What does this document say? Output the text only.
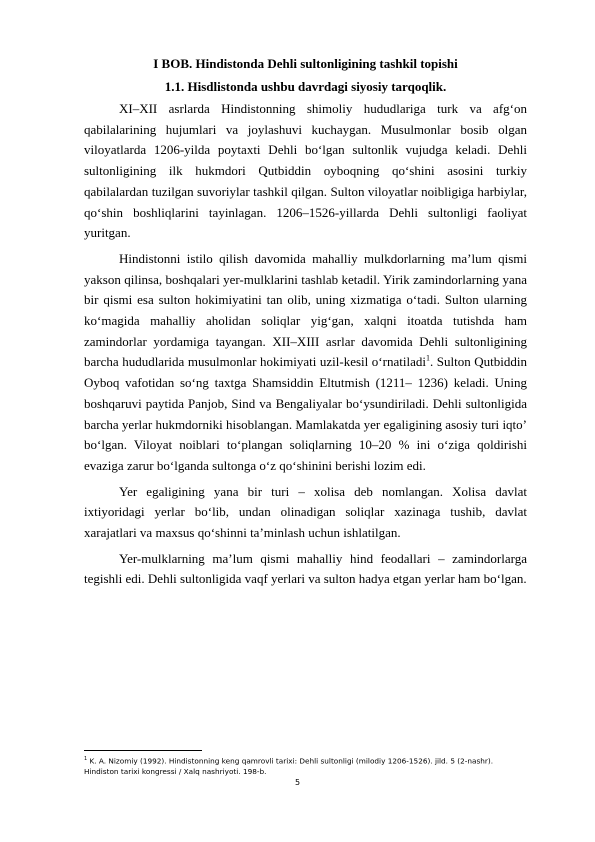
I BOB. Hindistonda Dehli sultonligining tashkil topishi
1.1. Hisdlistonda ushbu davrdagi siyosiy tarqoqlik.

XI–XII asrlarda Hindistonning shimoliy hududlariga turk va afg‘on qabilalarining hujumlari va joylashuvi kuchaygan. Musulmonlar bosib olgan viloyatlarda 1206-yilda poytaxti Dehli bo‘lgan sultonlik vujudga keladi. Dehli sultonligining ilk hukmdori Qutbiddin oyboqning qo‘shini asosini turkiy qabilalardan tuzilgan suvoriylar tashkil qilgan. Sulton viloyatlar noibligiga harbiylar, qo‘shin boshliqlarini tayinlagan. 1206–1526-yillarda Dehli sultonligi faoliyat yuritgan.

Hindistonni istilo qilish davomida mahalliy mulkdorlarning ma’lum qismi yakson qilinsa, boshqalari yer-mulklarini tashlab ketadil. Yirik zamindorlarning yana bir qismi esa sulton hokimiyatini tan olib, uning xizmatiga o‘tadi. Sulton ularning ko‘magida mahalliy aholidan soliqlar yig‘gan, xalqni itoatda tutishda ham zamindorlar yordamiga tayangan. XII–XIII asrlar davomida Dehli sultonligining barcha hududlarida musulmonlar hokimiyati uzil-kesil o‘rnatiladi$^1$. Sulton Qutbiddin Oyboq vafotidan so‘ng taxtga Shamsiddin Eltutmish (1211– 1236) keladi. Uning boshqaruvi paytida Panjob, Sind va Bengaliyalar bo‘ysundiriladi. Dehli sultonligida barcha yerlar hukmdorniki hisoblangan. Mamlakatda yer egaligining asosiy turi iqto’ bo‘lgan. Viloyat noiblari to‘plangan soliqlarning 10–20 % ini o‘ziga qoldirishi evaziga zarur bo‘lganda sultonga o‘z qo‘shinini berishi lozim edi.

Yer egaligining yana bir turi – xolisa deb nomlangan. Xolisa davlat ixtiyoridagi yerlar bo‘lib, undan olinadigan soliqlar xazinaga tushib, davlat xarajatlari va maxsus qo‘shinni ta’minlash uchun ishlatilgan.

Yer-mulklarning ma’lum qismi mahalliy hind feodallari – zamindorlarga tegishli edi. Dehli sultonligida vaqf yerlari va sulton hadya etgan yerlar ham bo‘lgan.

$^1$ K. A. Nizomiy (1992). Hindistonning keng qamrovli tarixi: Dehli sultonligi (milodiy 1206-1526). jild. 5 (2-nashr).
Hindiston tarixi kongressi / Xalq nashriyoti. 198-b.
5
